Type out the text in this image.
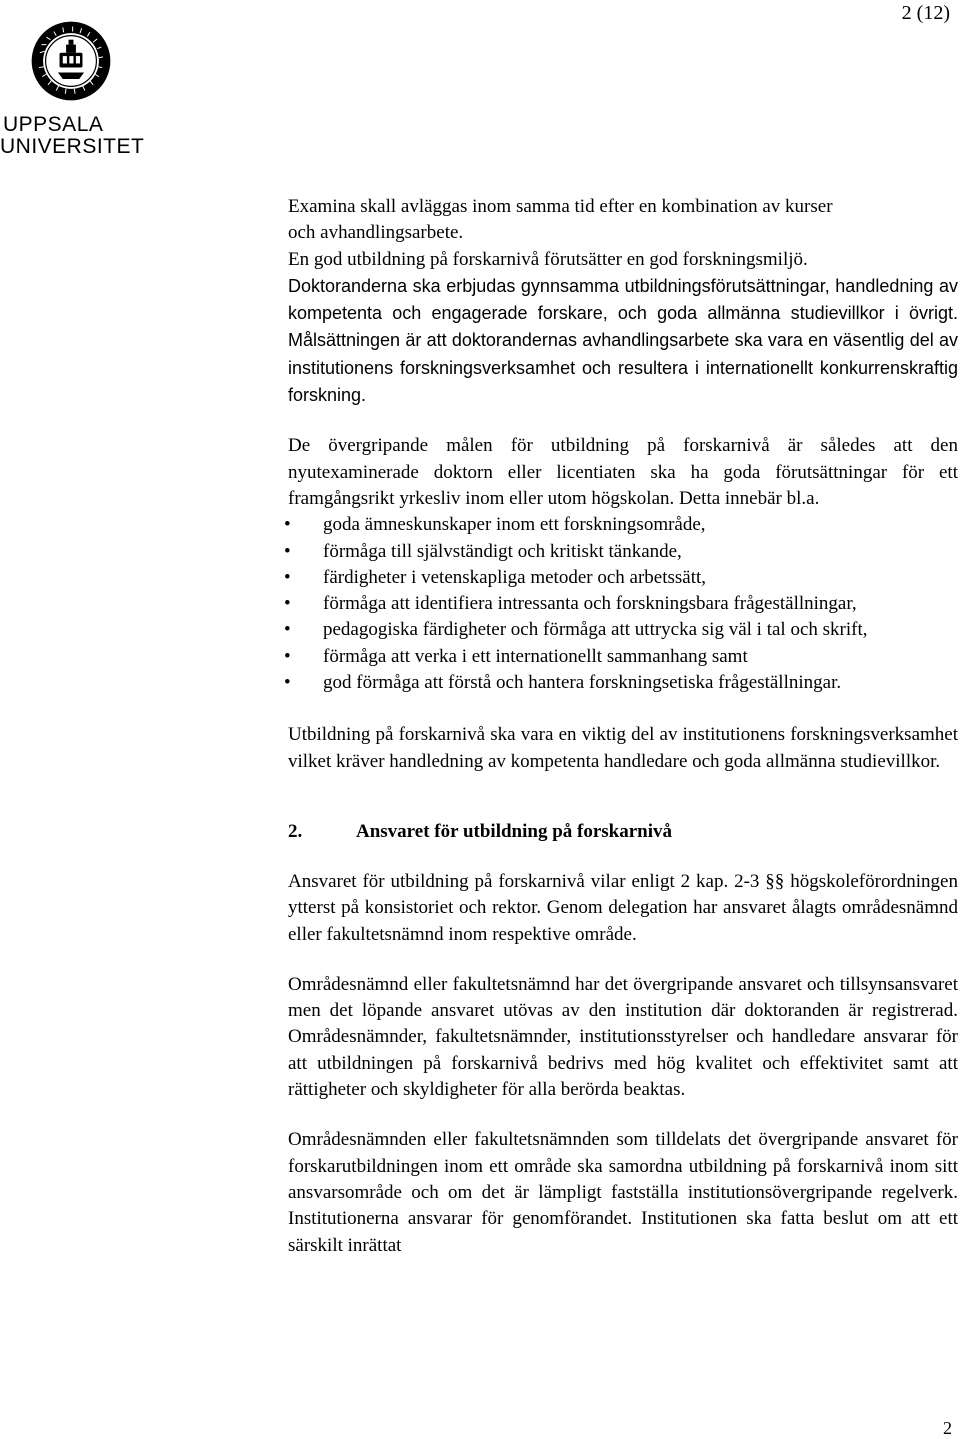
2 (12)
UPPSALA
UNIVERSITET

Examina skall avläggas inom samma tid efter en kombination av kurser
och avhandlingsarbete.

En god utbildning på forskarnivå förutsätter en god forskningsmiljö.
Doktoranderna ska erbjudas gynnsamma utbildningsförutsättningar, handledning av kompetenta och engagerade forskare, och goda allmänna studievillkor i övrigt. Målsättningen är att doktorandernas avhandlingsarbete ska vara en väsentlig del av institutionens forskningsverksamhet och resultera i internationellt konkurrenskraftig forskning.

De övergripande målen för utbildning på forskarnivå är således att den nyutexaminerade doktorn eller licentiaten ska ha goda förutsättningar för ett framgångsrikt yrkesliv inom eller utom högskolan. Detta innebär bl.a.

• goda ämneskunskaper inom ett forskningsområde,
• förmåga till självständigt och kritiskt tänkande,
• färdigheter i vetenskapliga metoder och arbetssätt,
• förmåga att identifiera intressanta och forskningsbara frågeställningar,
• pedagogiska färdigheter och förmåga att uttrycka sig väl i tal och skrift,
• förmåga att verka i ett internationellt sammanhang samt
• god förmåga att förstå och hantera forskningsetiska frågeställningar.

Utbildning på forskarnivå ska vara en viktig del av institutionens forskningsverksamhet vilket kräver handledning av kompetenta handledare och goda allmänna studievillkor.

2.	Ansvaret för utbildning på forskarnivå

Ansvaret för utbildning på forskarnivå vilar enligt 2 kap. 2-3 §§ högskoleförordningen ytterst på konsistoriet och rektor. Genom delegation har ansvaret ålagts områdesnämnd eller fakultetsnämnd inom respektive område.

Områdesnämnd eller fakultetsnämnd har det övergripande ansvaret och tillsynsansvaret men det löpande ansvaret utövas av den institution där doktoranden är registrerad. Områdesnämnder, fakultetsnämnder, institutionsstyrelser och handledare ansvarar för att utbildningen på forskarnivå bedrivs med hög kvalitet och effektivitet samt att rättigheter och skyldigheter för alla berörda beaktas.

Områdesnämnden eller fakultetsnämnden som tilldelats det övergripande ansvaret för forskarutbildningen inom ett område ska samordna utbildning på forskarnivå inom sitt ansvarsområde och om det är lämpligt fastställa institutionsövergripande regelverk. Institutionerna ansvarar för genomförandet. Institutionen ska fatta beslut om att ett särskilt inrättat

2
